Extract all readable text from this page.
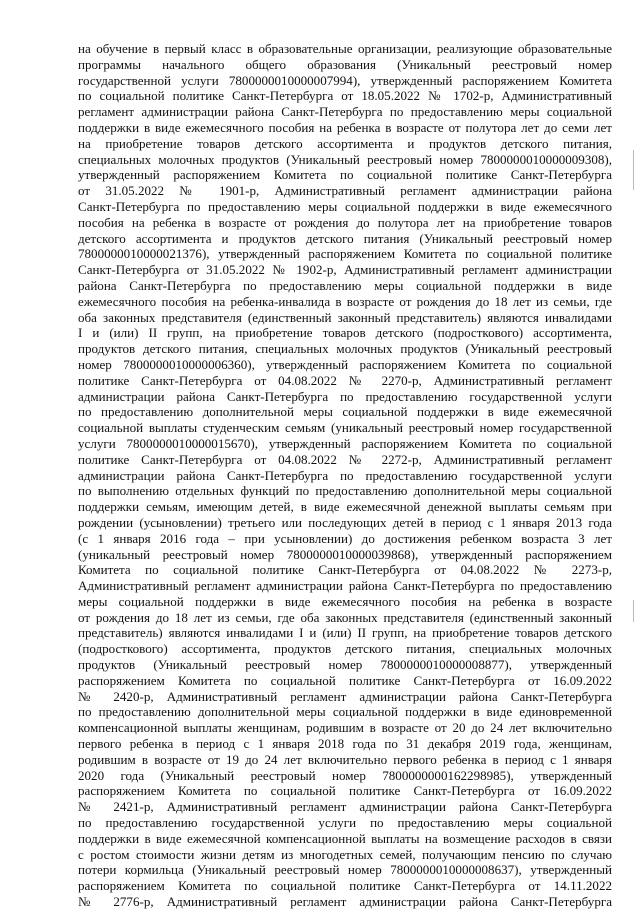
на обучение в первый класс в образовательные организации, реализующие образовательные
программы начального общего образования (Уникальный реестровый номер
государственной услуги 7800000010000007994), утвержденный распоряжением Комитета
по социальной политике Санкт-Петербурга от 18.05.2022 № 1702-р, Административный
регламент администрации района Санкт-Петербурга по предоставлению меры социальной
поддержки в виде ежемесячного пособия на ребенка в возрасте от полутора лет до семи лет
на приобретение товаров детского ассортимента и продуктов детского питания,
специальных молочных продуктов (Уникальный реестровый номер 7800000010000009308),
утвержденный распоряжением Комитета по социальной политике Санкт-Петербурга
от 31.05.2022 № 1901-р, Административный регламент администрации района
Санкт-Петербурга по предоставлению меры социальной поддержки в виде ежемесячного
пособия на ребенка в возрасте от рождения до полутора лет на приобретение товаров
детского ассортимента и продуктов детского питания (Уникальный реестровый номер
7800000010000021376), утвержденный распоряжением Комитета по социальной политике
Санкт-Петербурга от 31.05.2022 № 1902-р, Административный регламент администрации
района Санкт-Петербурга по предоставлению меры социальной поддержки в виде
ежемесячного пособия на ребенка-инвалида в возрасте от рождения до 18 лет из семьи, где
оба законных представителя (единственный законный представитель) являются инвалидами
I и (или) II групп, на приобретение товаров детского (подросткового) ассортимента,
продуктов детского питания, специальных молочных продуктов (Уникальный реестровый
номер 7800000010000006360), утвержденный распоряжением Комитета по социальной
политике Санкт-Петербурга от 04.08.2022 № 2270-р, Административный регламент
администрации района Санкт-Петербурга по предоставлению государственной услуги
по предоставлению дополнительной меры социальной поддержки в виде ежемесячной
социальной выплаты студенческим семьям (уникальный реестровый номер государственной
услуги 7800000010000015670), утвержденный распоряжением Комитета по социальной
политике Санкт-Петербурга от 04.08.2022 № 2272-р, Административный регламент
администрации района Санкт-Петербурга по предоставлению государственной услуги
по выполнению отдельных функций по предоставлению дополнительной меры социальной
поддержки семьям, имеющим детей, в виде ежемесячной денежной выплаты семьям при
рождении (усыновлении) третьего или последующих детей в период с 1 января 2013 года
(с 1 января 2016 года – при усыновлении) до достижения ребенком возраста 3 лет
(уникальный реестровый номер 7800000010000039868), утвержденный распоряжением
Комитета по социальной политике Санкт-Петербурга от 04.08.2022 № 2273-р,
Административный регламент администрации района Санкт-Петербурга по предоставлению
меры социальной поддержки в виде ежемесячного пособия на ребенка в возрасте
от рождения до 18 лет из семьи, где оба законных представителя (единственный законный
представитель) являются инвалидами I и (или) II групп, на приобретение товаров детского
(подросткового) ассортимента, продуктов детского питания, специальных молочных
продуктов (Уникальный реестровый номер 7800000010000008877), утвержденный
распоряжением Комитета по социальной политике Санкт-Петербурга от 16.09.2022
№ 2420-р, Административный регламент администрации района Санкт-Петербурга
по предоставлению дополнительной меры социальной поддержки в виде единовременной
компенсационной выплаты женщинам, родившим в возрасте от 20 до 24 лет включительно
первого ребенка в период с 1 января 2018 года по 31 декабря 2019 года, женщинам,
родившим в возрасте от 19 до 24 лет включительно первого ребенка в период с 1 января
2020 года (Уникальный реестровый номер 7800000000162298985), утвержденный
распоряжением Комитета по социальной политике Санкт-Петербурга от 16.09.2022
№ 2421-р, Административный регламент администрации района Санкт-Петербурга
по предоставлению государственной услуги по предоставлению меры социальной
поддержки в виде ежемесячной компенсационной выплаты на возмещение расходов в связи
с ростом стоимости жизни детям из многодетных семей, получающим пенсию по случаю
потери кормильца (Уникальный реестровый номер 7800000010000008637), утвержденный
распоряжением Комитета по социальной политике Санкт-Петербурга от 14.11.2022
№ 2776-р, Административный регламент администрации района Санкт-Петербурга
